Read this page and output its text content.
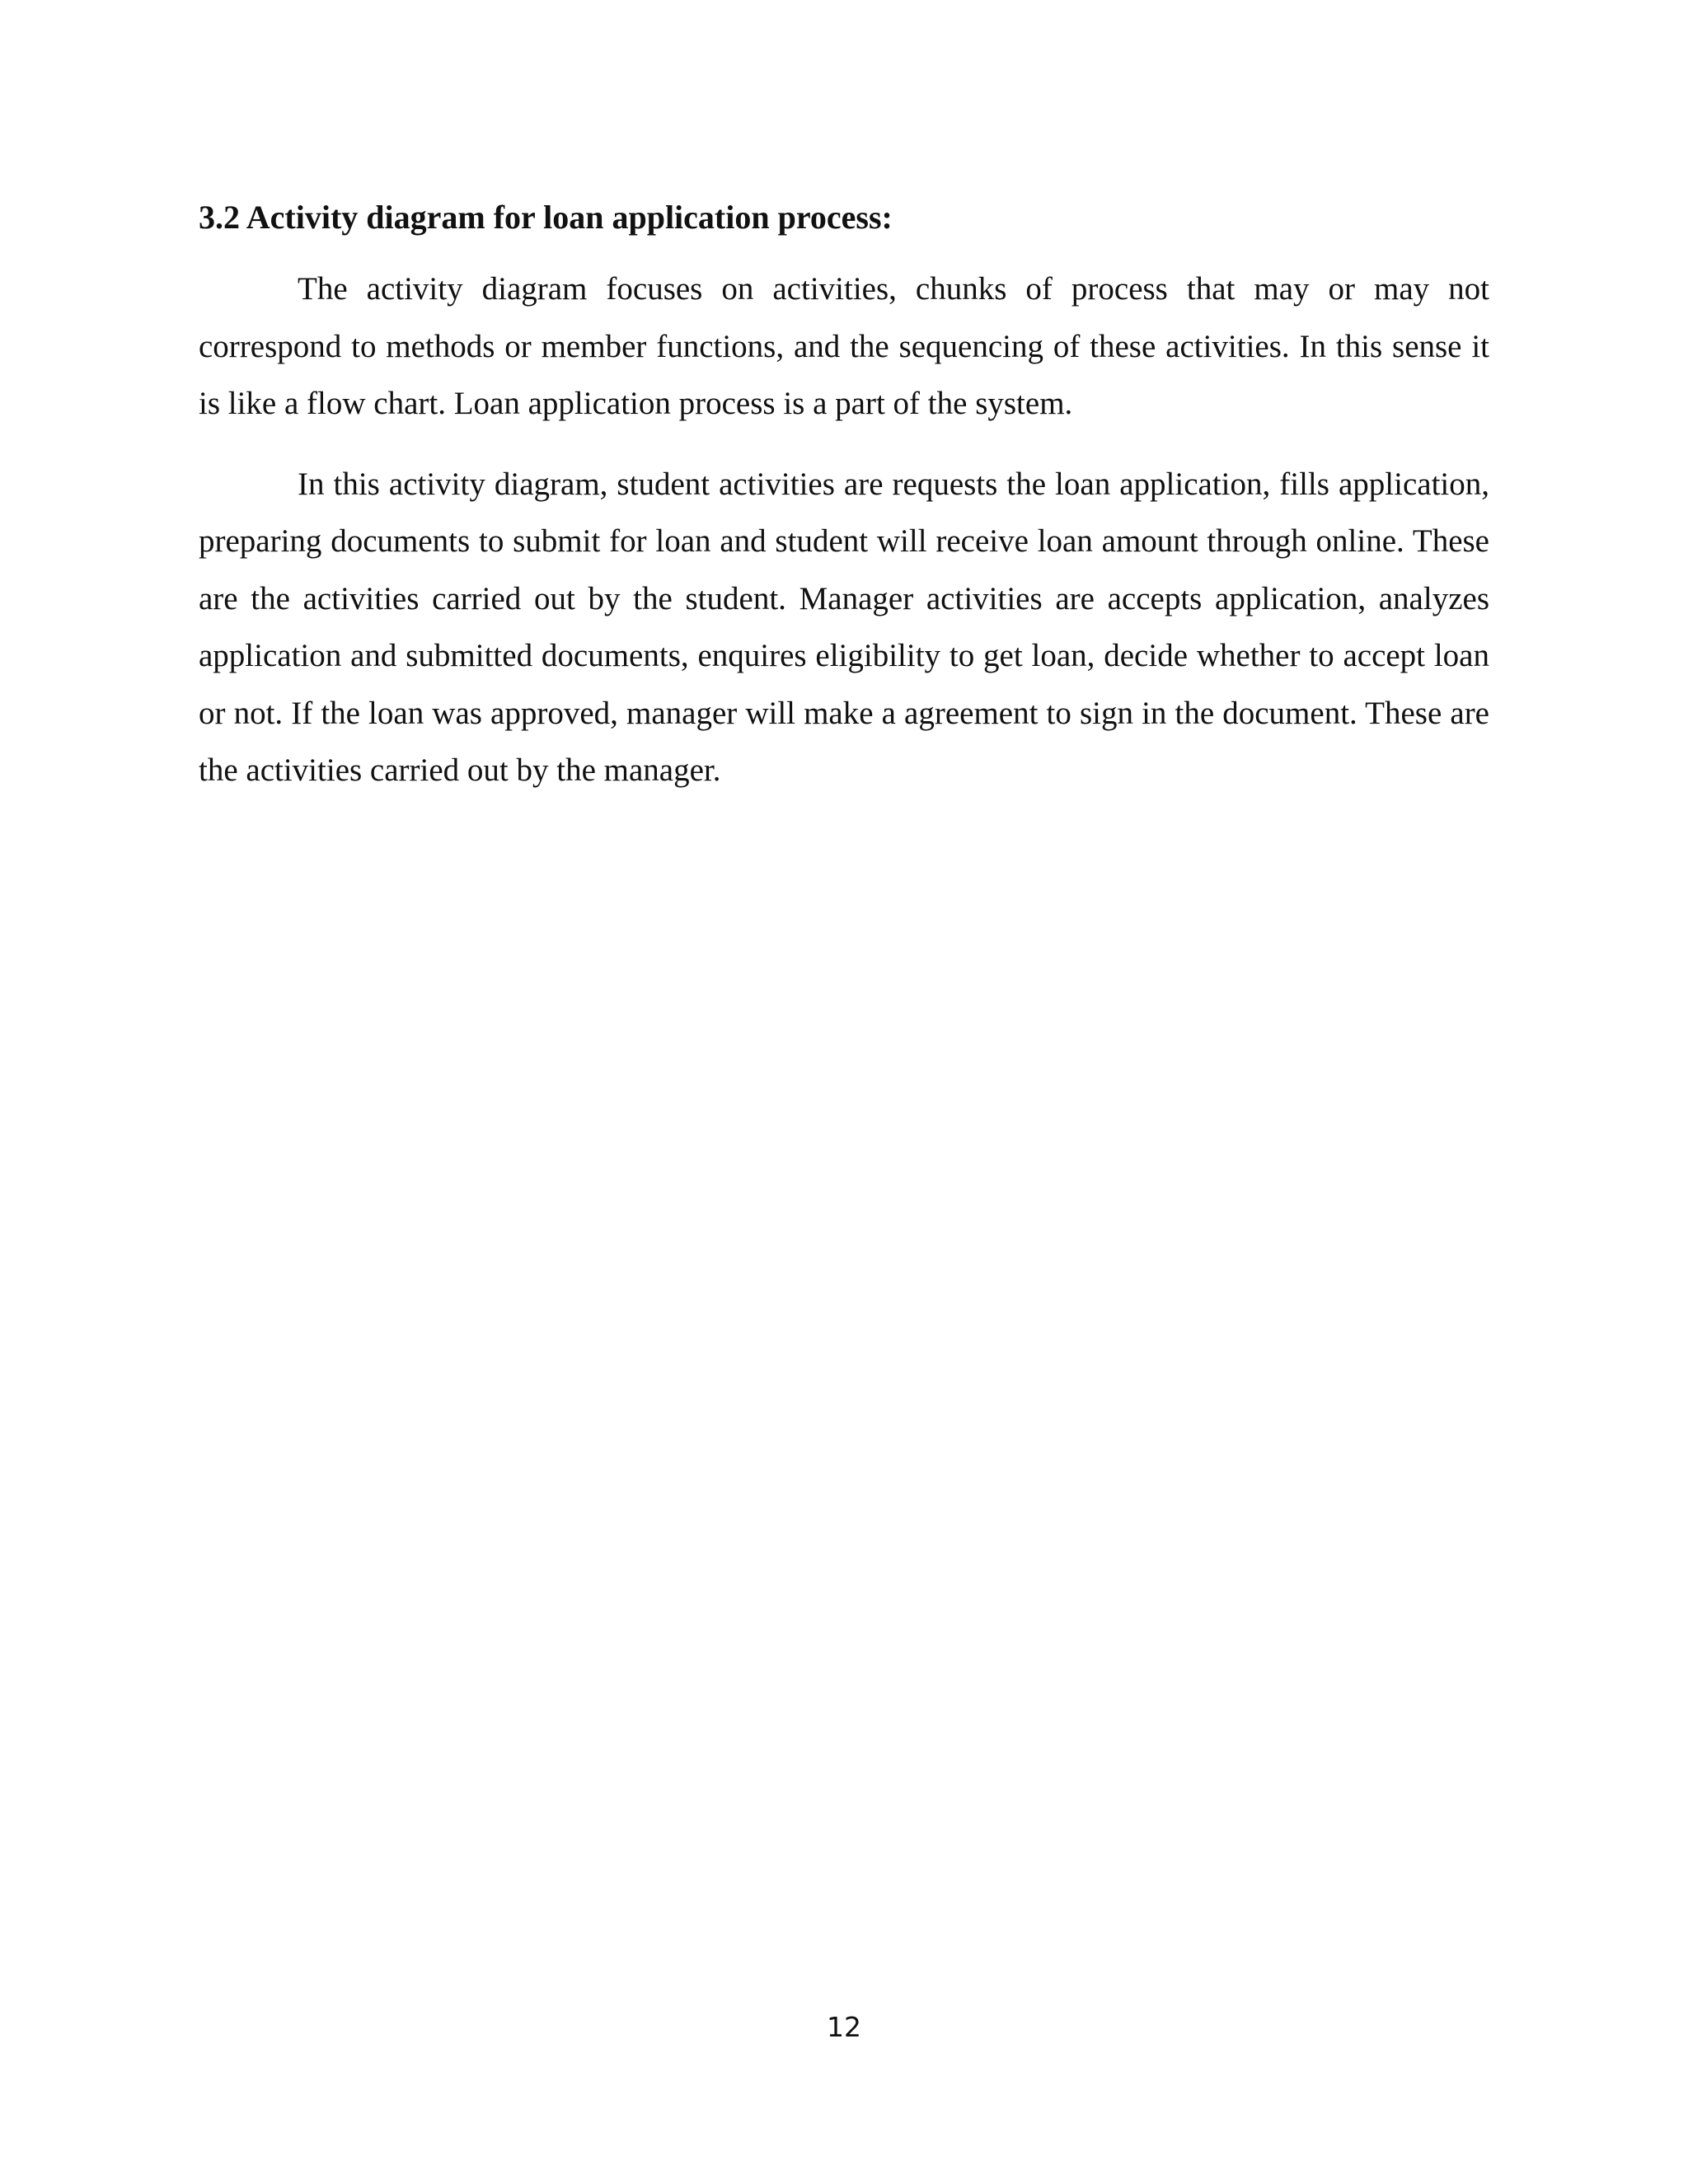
3.2 Activity diagram for loan application process:

The activity diagram focuses on activities, chunks of process that may or may not correspond to methods or member functions, and the sequencing of these activities. In this sense it is like a flow chart. Loan application process is a part of the system.

In this activity diagram, student activities are requests the loan application, fills application, preparing documents to submit for loan and student will receive loan amount through online. These are the activities carried out by the student. Manager activities are accepts application, analyzes application and submitted documents, enquires eligibility to get loan, decide whether to accept loan or not. If the loan was approved, manager will make a agreement to sign in the document. These are the activities carried out by the manager.

12
